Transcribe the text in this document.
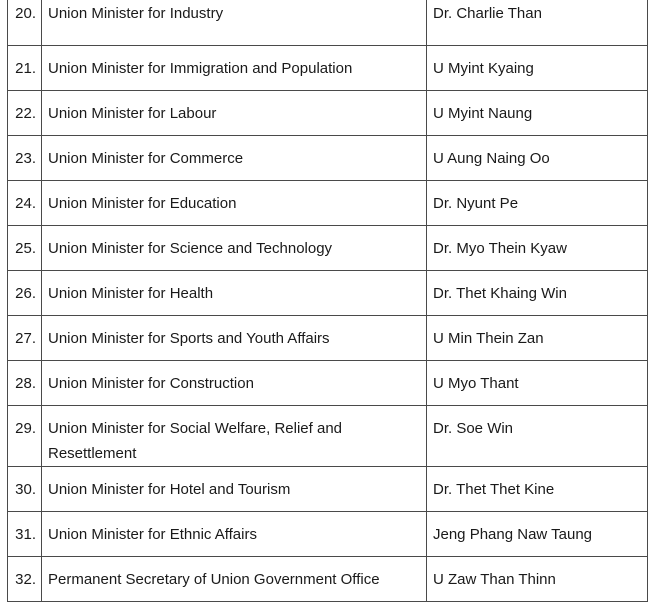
20.	Union Minister for Industry	Dr. Charlie Than

21.	Union Minister for Immigration and Population	U Myint Kyaing

22.	Union Minister for Labour	U Myint Naung

23.	Union Minister for Commerce	U Aung Naing Oo

24.	Union Minister for Education	Dr. Nyunt Pe

25.	Union Minister for Science and Technology	Dr. Myo Thein Kyaw

26.	Union Minister for Health	Dr. Thet Khaing Win

27.	Union Minister for Sports and Youth Affairs	U Min Thein Zan

28.	Union Minister for Construction	U Myo Thant

29.	Union Minister for Social Welfare, Relief and Resettlement	Dr. Soe Win

30.	Union Minister for Hotel and Tourism	Dr. Thet Thet Kine

31.	Union Minister for Ethnic Affairs	Jeng Phang Naw Taung

32.	Permanent Secretary of Union Government Office	U Zaw Than Thinn
